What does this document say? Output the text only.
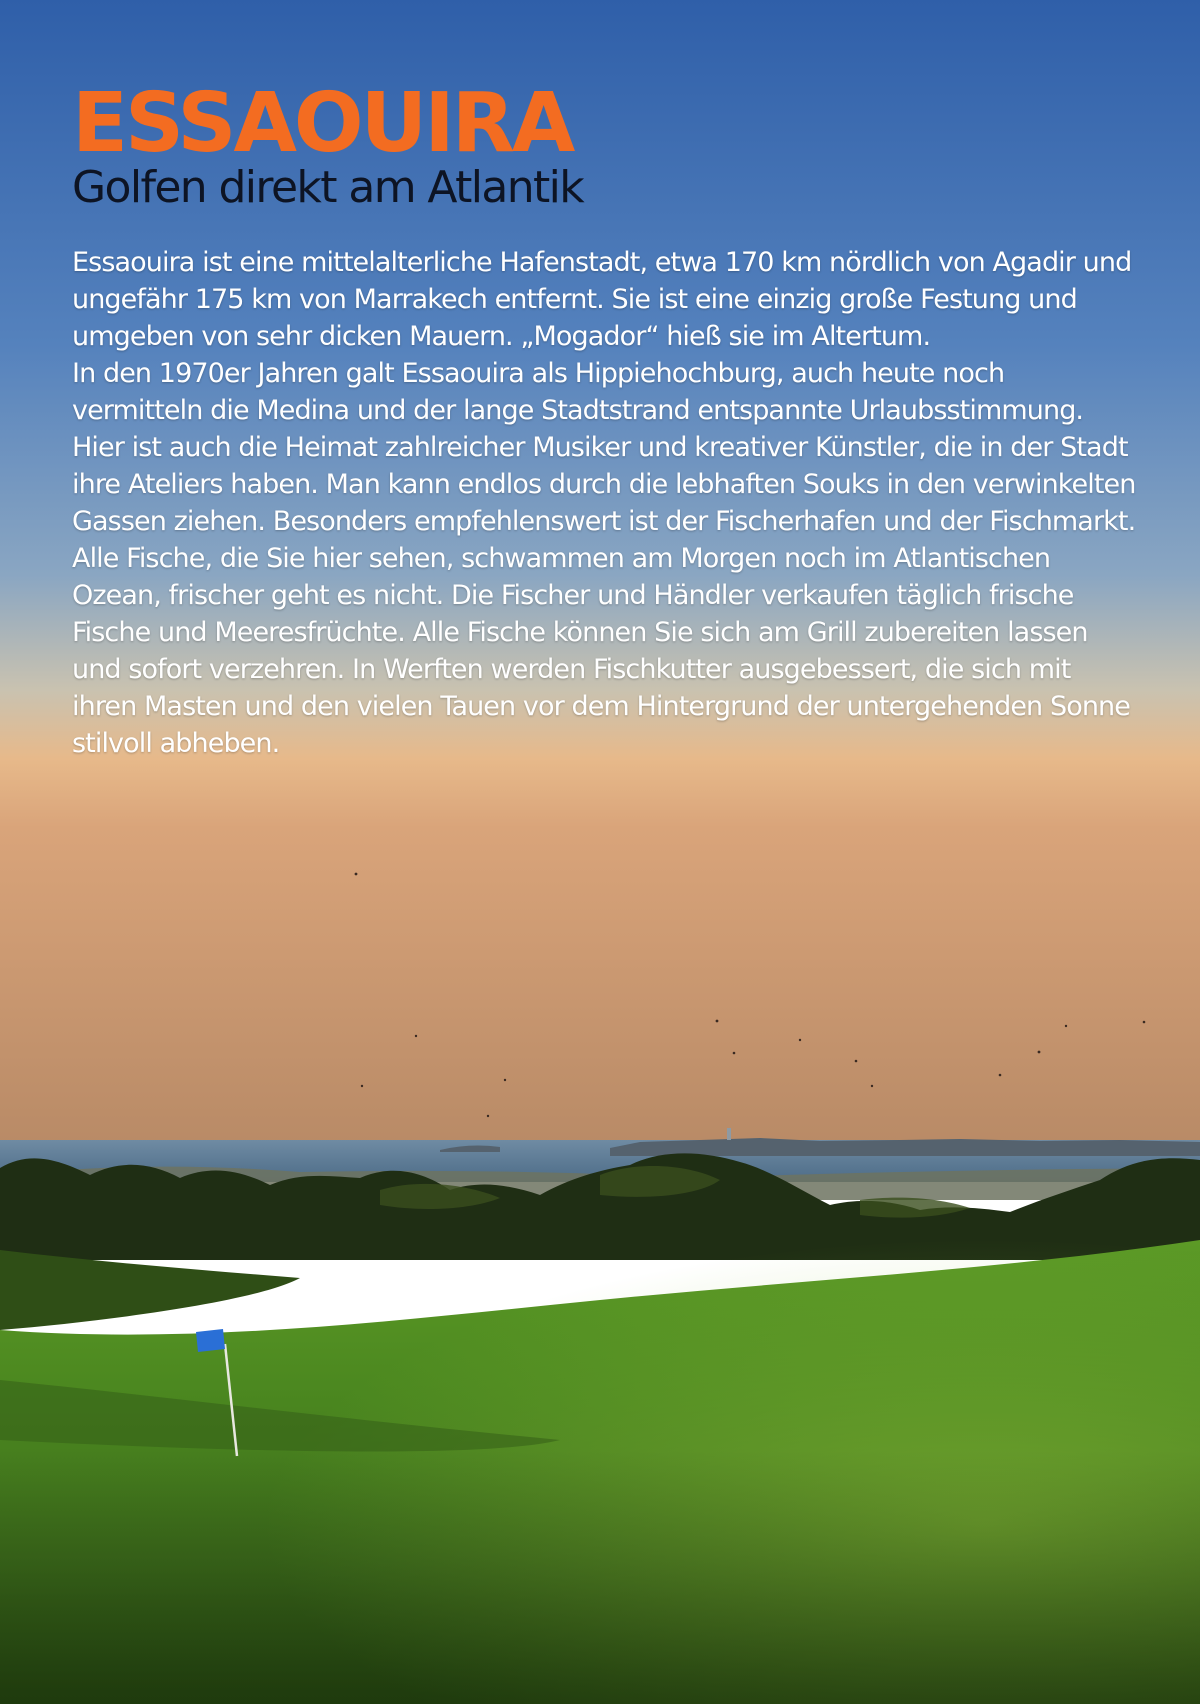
ESSAOUIRA
Golfen direkt am Atlantik

Essaouira ist eine mittelalterliche Hafenstadt, etwa 170 km nördlich von Agadir und ungefähr 175 km von Marrakech entfernt. Sie ist eine einzig große Festung und umgeben von sehr dicken Mauern. „Mogador“ hieß sie im Altertum.

In den 1970er Jahren galt Essaouira als Hippiehochburg, auch heute noch vermitteln die Medina und der lange Stadtstrand entspannte Urlaubsstimmung. Hier ist auch die Heimat zahlreicher Musiker und kreativer Künstler, die in der Stadt ihre Ateliers haben. Man kann endlos durch die lebhaften Souks in den verwinkelten Gassen ziehen. Besonders empfehlenswert ist der Fischerhafen und der Fischmarkt. Alle Fische, die Sie hier sehen, schwammen am Morgen noch im Atlantischen Ozean, frischer geht es nicht. Die Fischer und Händler verkaufen täglich frische Fische und Meeresfrüchte. Alle Fische können Sie sich am Grill zubereiten lassen und sofort verzehren. In Werften werden Fischkutter ausgebessert, die sich mit ihren Masten und den vielen Tauen vor dem Hintergrund der untergehenden Sonne stilvoll abheben.
